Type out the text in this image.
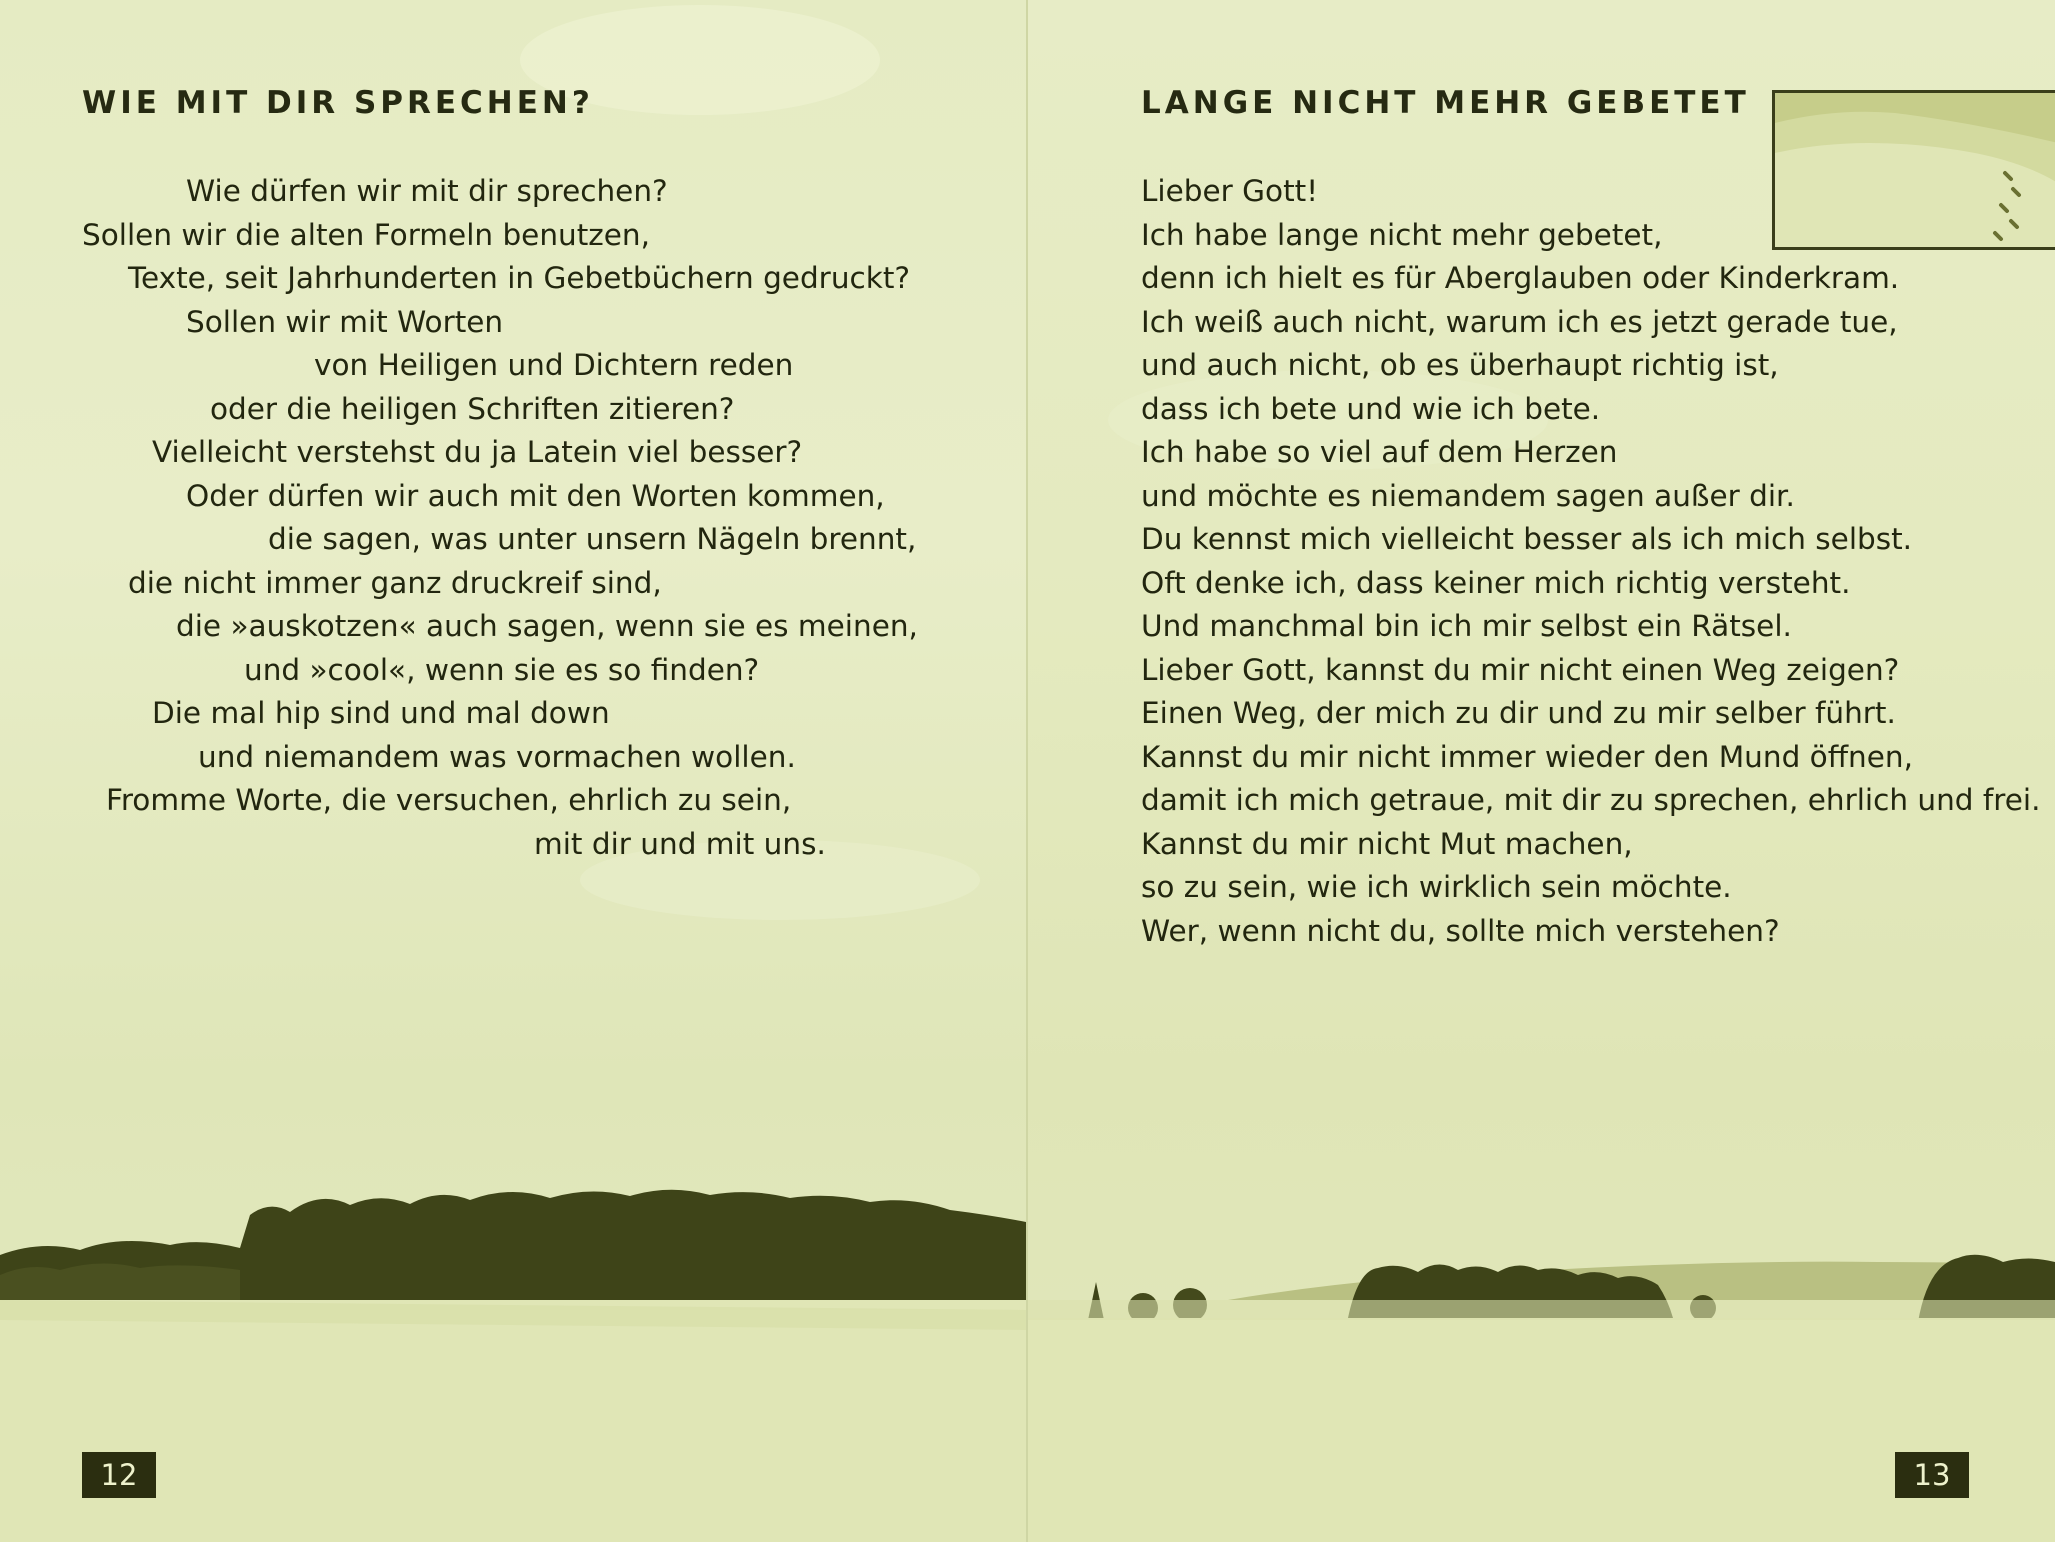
WIE MIT DIR SPRECHEN?
Wie dürfen wir mit dir sprechen?
Sollen wir die alten Formeln benutzen,
Texte, seit Jahrhunderten in Gebetbüchern gedruckt?
Sollen wir mit Worten
von Heiligen und Dichtern reden
oder die heiligen Schriften zitieren?
Vielleicht verstehst du ja Latein viel besser?
Oder dürfen wir auch mit den Worten kommen,
die sagen, was unter unsern Nägeln brennt,
die nicht immer ganz druckreif sind,
die »auskotzen« auch sagen, wenn sie es meinen,
und »cool«, wenn sie es so finden?
Die mal hip sind und mal down
und niemandem was vormachen wollen.
Fromme Worte, die versuchen, ehrlich zu sein,
mit dir und mit uns.
12
LANGE NICHT MEHR GEBETET
Lieber Gott!
Ich habe lange nicht mehr gebetet,
denn ich hielt es für Aberglauben oder Kinderkram.
Ich weiß auch nicht, warum ich es jetzt gerade tue,
und auch nicht, ob es überhaupt richtig ist,
dass ich bete und wie ich bete.
Ich habe so viel auf dem Herzen
und möchte es niemandem sagen außer dir.
Du kennst mich vielleicht besser als ich mich selbst.
Oft denke ich, dass keiner mich richtig versteht.
Und manchmal bin ich mir selbst ein Rätsel.
Lieber Gott, kannst du mir nicht einen Weg zeigen?
Einen Weg, der mich zu dir und zu mir selber führt.
Kannst du mir nicht immer wieder den Mund öffnen,
damit ich mich getraue, mit dir zu sprechen, ehrlich und frei.
Kannst du mir nicht Mut machen,
so zu sein, wie ich wirklich sein möchte.
Wer, wenn nicht du, sollte mich verstehen?
13
